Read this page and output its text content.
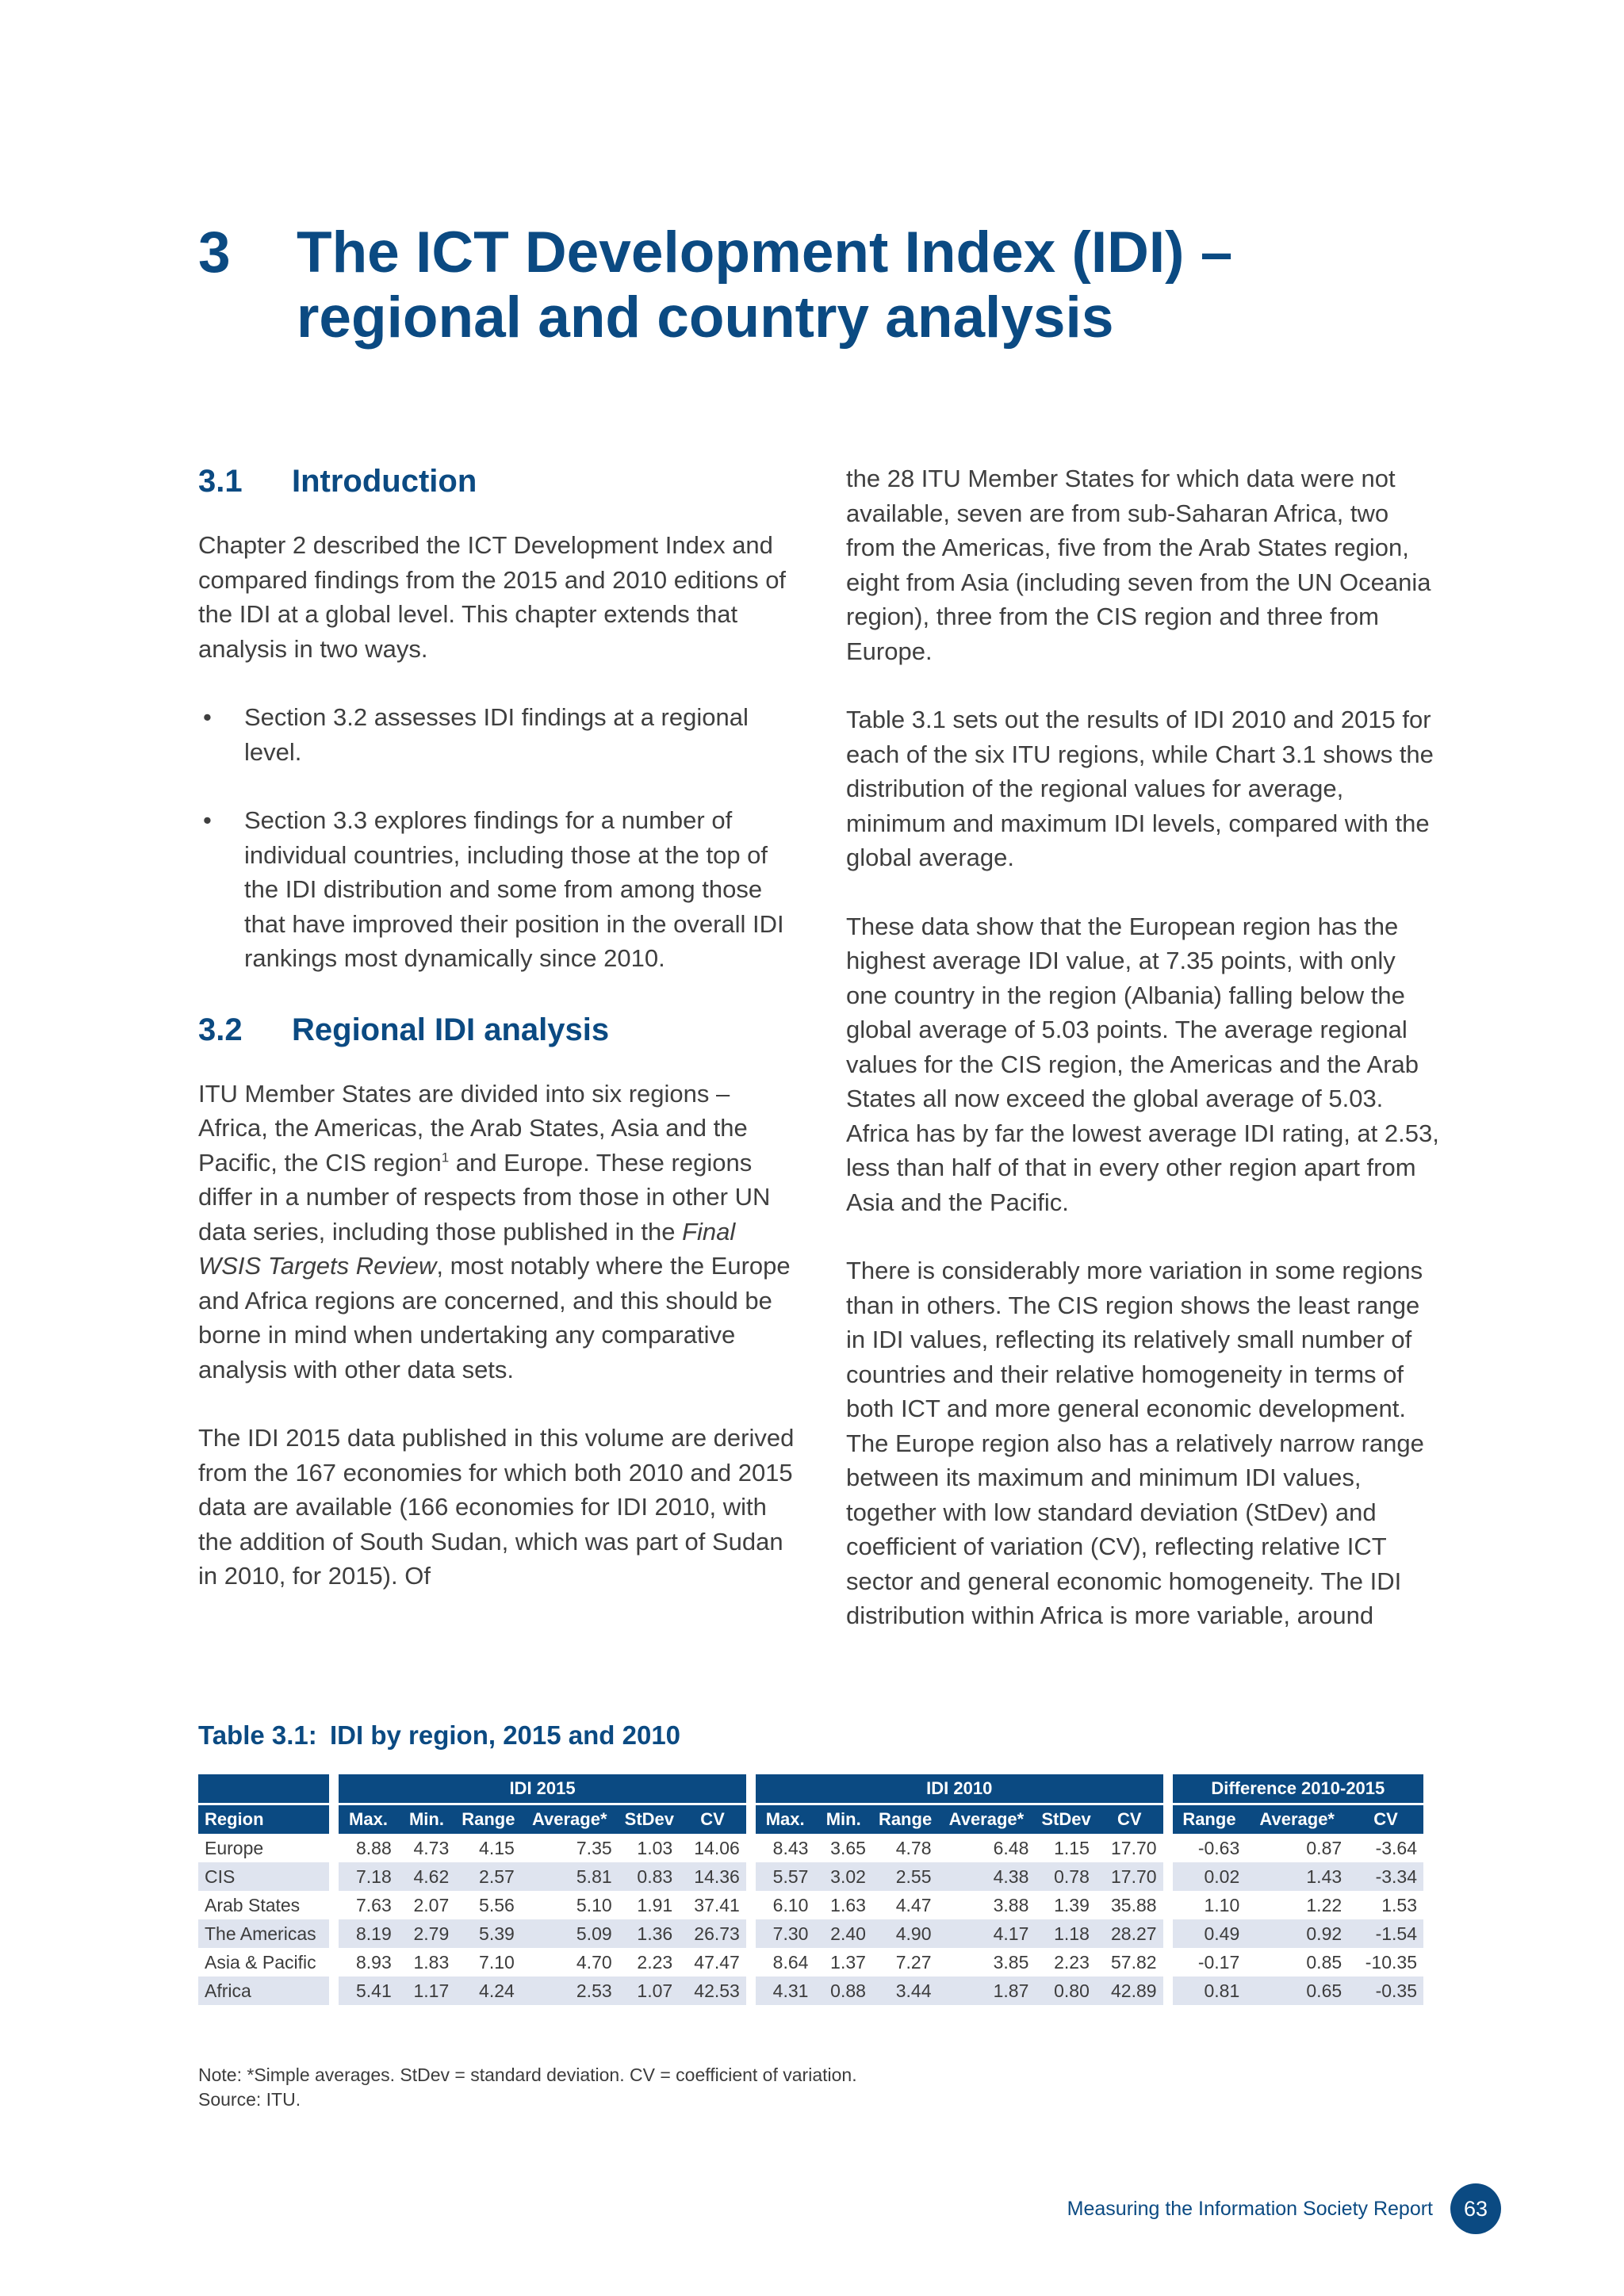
3 The ICT Development Index (IDI) – regional and country analysis
3.1 Introduction

Chapter 2 described the ICT Development Index and compared findings from the 2015 and 2010 editions of the IDI at a global level. This chapter extends that analysis in two ways.

• Section 3.2 assesses IDI findings at a regional level.
• Section 3.3 explores findings for a number of individual countries, including those at the top of the IDI distribution and some from among those that have improved their position in the overall IDI rankings most dynamically since 2010.
3.2 Regional IDI analysis

ITU Member States are divided into six regions – Africa, the Americas, the Arab States, Asia and the Pacific, the CIS region$^1$ and Europe. These regions differ in a number of respects from those in other UN data series, including those published in the Final WSIS Targets Review, most notably where the Europe and Africa regions are concerned, and this should be borne in mind when undertaking any comparative analysis with other data sets.

The IDI 2015 data published in this volume are derived from the 167 economies for which both 2010 and 2015 data are available (166 economies for IDI 2010, with the addition of South Sudan, which was part of Sudan in 2010, for 2015). Of

the 28 ITU Member States for which data were not available, seven are from sub-Saharan Africa, two from the Americas, five from the Arab States region, eight from Asia (including seven from the UN Oceania region), three from the CIS region and three from Europe.

Table 3.1 sets out the results of IDI 2010 and 2015 for each of the six ITU regions, while Chart 3.1 shows the distribution of the regional values for average, minimum and maximum IDI levels, compared with the global average.

These data show that the European region has the highest average IDI value, at 7.35 points, with only one country in the region (Albania) falling below the global average of 5.03 points. The average regional values for the CIS region, the Americas and the Arab States all now exceed the global average of 5.03. Africa has by far the lowest average IDI rating, at 2.53, less than half of that in every other region apart from Asia and the Pacific.

There is considerably more variation in some regions than in others. The CIS region shows the least range in IDI values, reflecting its relatively small number of countries and their relative homogeneity in terms of both ICT and more general economic development. The Europe region also has a relatively narrow range between its maximum and minimum IDI values, together with low standard deviation (StDev) and coefficient of variation (CV), reflecting relative ICT sector and general economic homogeneity. The IDI distribution within Africa is more variable, around

Table 3.1: IDI by region, 2015 and 2010
		IDI 2015							IDI 2010							Difference 2010-2015		
Region		Max.	Min.	Range	Average*	StDev	CV		Max.	Min.	Range	Average*	StDev	CV		Range	Average*	CV
Europe		8.88	4.73	4.15	7.35	1.03	14.06		8.43	3.65	4.78	6.48	1.15	17.70		-0.63	0.87	-3.64
CIS		7.18	4.62	2.57	5.81	0.83	14.36		5.57	3.02	2.55	4.38	0.78	17.70		0.02	1.43	-3.34
Arab States		7.63	2.07	5.56	5.10	1.91	37.41		6.10	1.63	4.47	3.88	1.39	35.88		1.10	1.22	1.53
The Americas		8.19	2.79	5.39	5.09	1.36	26.73		7.30	2.40	4.90	4.17	1.18	28.27		0.49	0.92	-1.54
Asia & Pacific		8.93	1.83	7.10	4.70	2.23	47.47		8.64	1.37	7.27	3.85	2.23	57.82		-0.17	0.85	-10.35
Africa		5.41	1.17	4.24	2.53	1.07	42.53		4.31	0.88	3.44	1.87	0.80	42.89		0.81	0.65	-0.35
Note: *Simple averages. StDev = standard deviation. CV = coefficient of variation.
Source: ITU.
Measuring the Information Society Report	63
